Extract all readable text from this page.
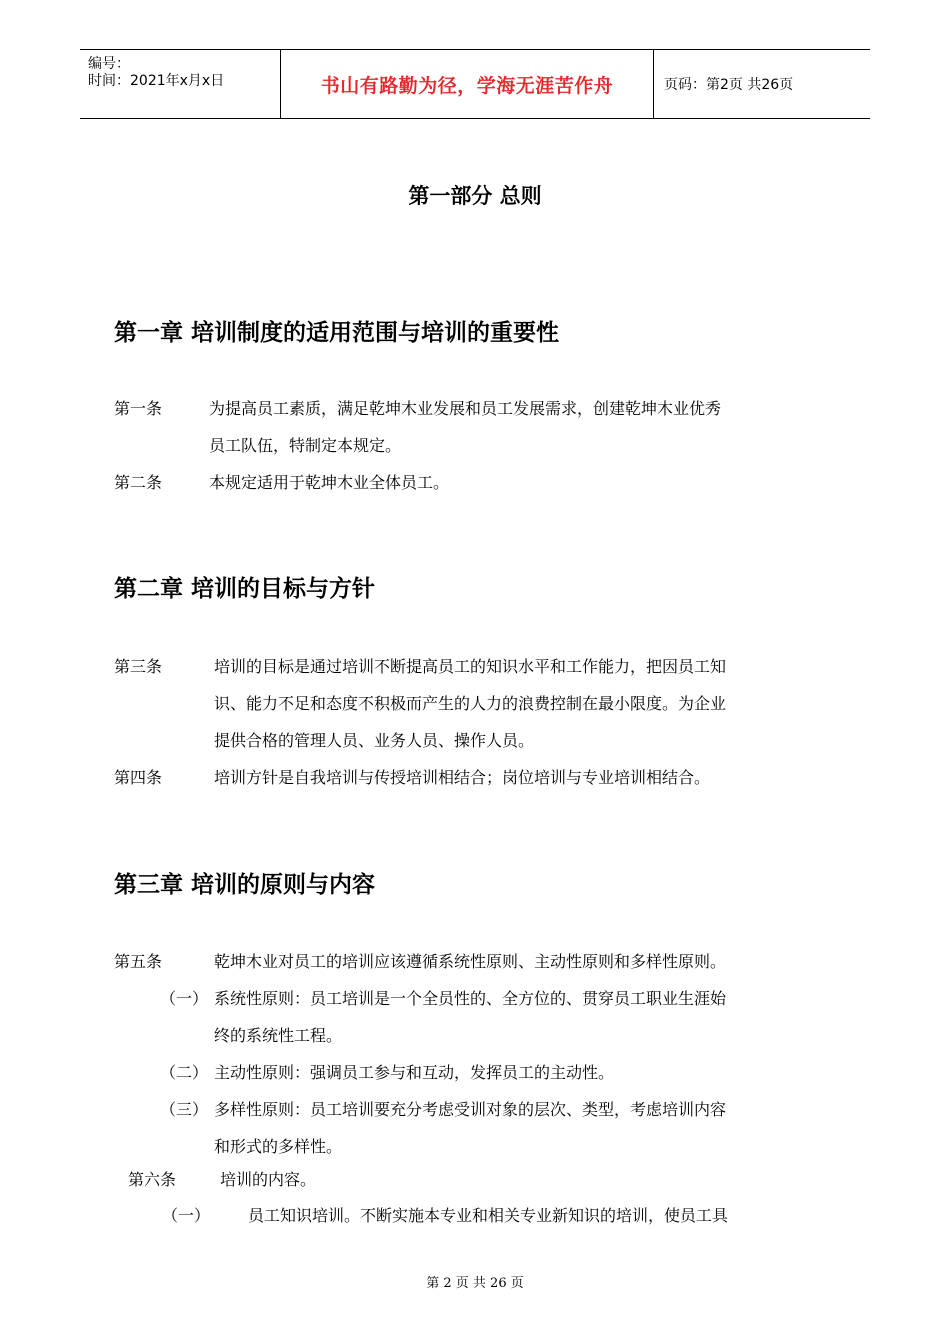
编号：
时间：2021年x月x日	书山有路勤为径，学海无涯苦作舟	页码：第2页 共26页
第一部分 总则
第一章 培训制度的适用范围与培训的重要性
第二章 培训的目标与方针
第三章 培训的原则与内容
第一条	为提高员工素质，满足乾坤木业发展和员工发展需求，创建乾坤木业优秀
员工队伍，特制定本规定。
第二条	本规定适用于乾坤木业全体员工。
第三条	培训的目标是通过培训不断提高员工的知识水平和工作能力，把因员工知
识、能力不足和态度不积极而产生的人力的浪费控制在最小限度。为企业
提供合格的管理人员、业务人员、操作人员。
第四条	培训方针是自我培训与传授培训相结合；岗位培训与专业培训相结合。
第五条	乾坤木业对员工的培训应该遵循系统性原则、主动性原则和多样性原则。
（一） 系统性原则：员工培训是一个全员性的、全方位的、贯穿员工职业生涯始
终的系统性工程。
（二） 主动性原则：强调员工参与和互动，发挥员工的主动性。
（三） 多样性原则：员工培训要充分考虑受训对象的层次、类型，考虑培训内容
和形式的多样性。
第六条	培训的内容。
（一） 员工知识培训。不断实施本专业和相关专业新知识的培训，使员工具
第 2 页 共 26 页
